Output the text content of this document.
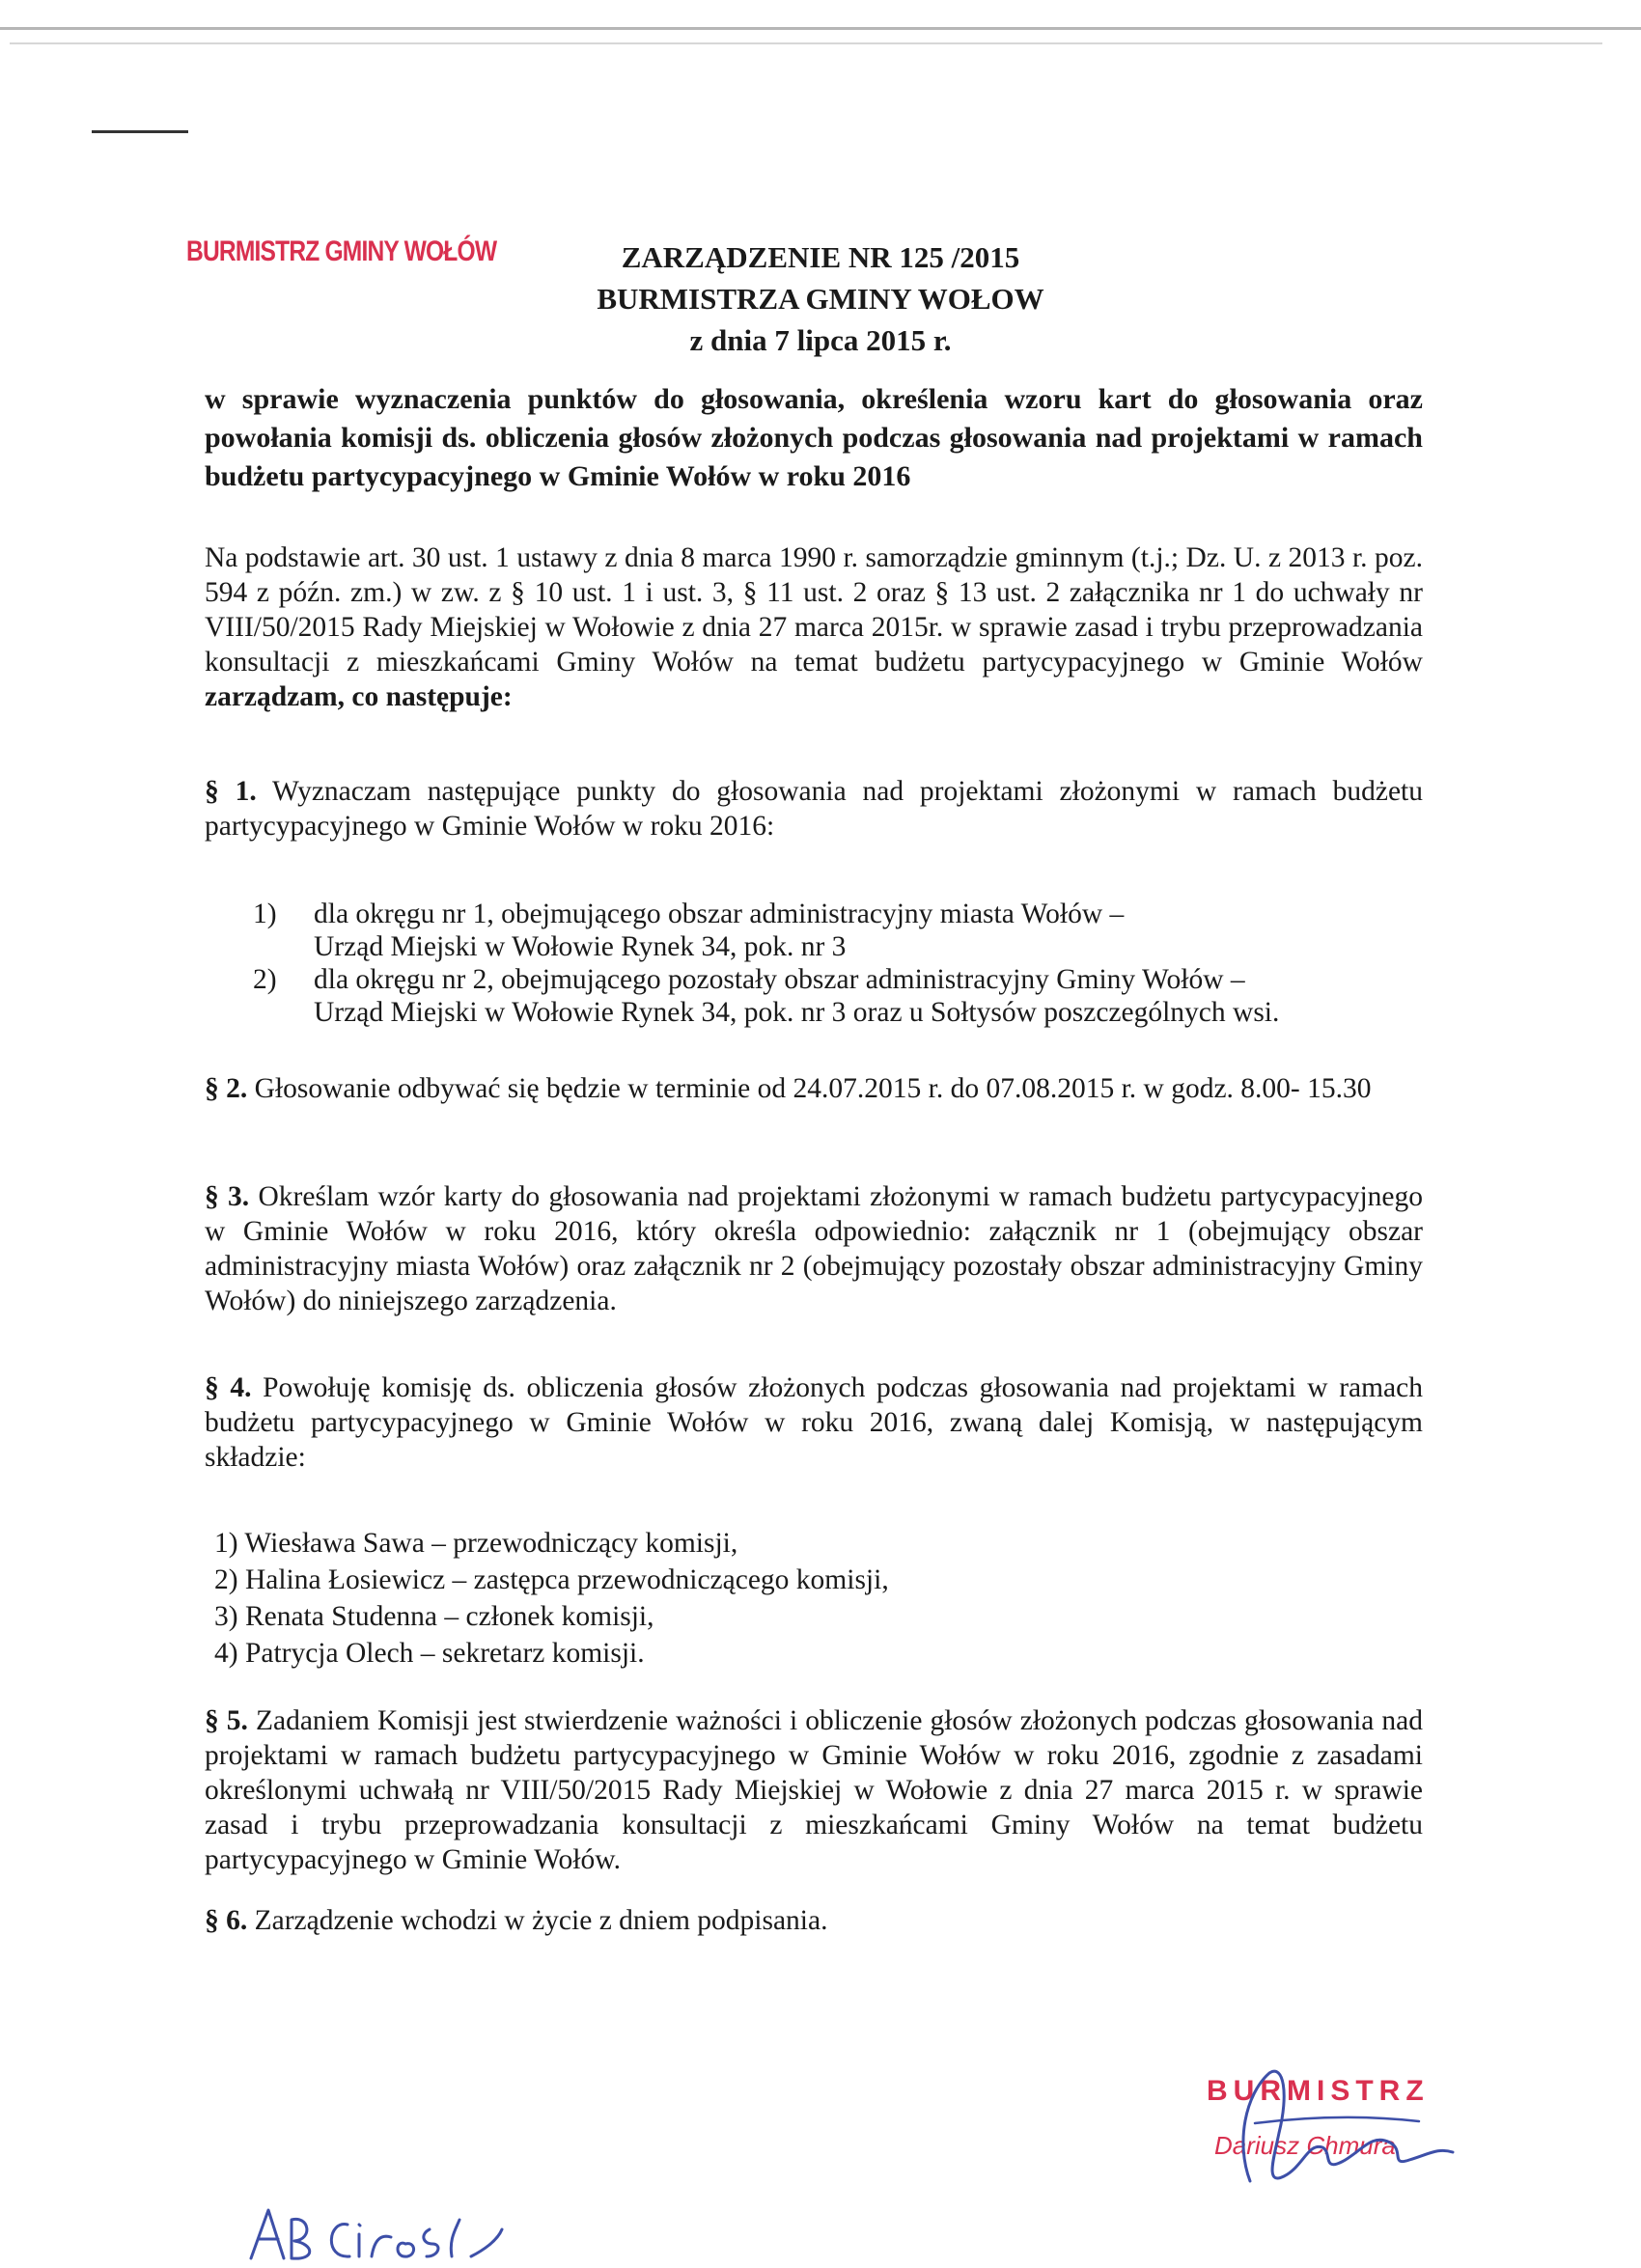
BURMISTRZ GMINY WOŁÓW	ZARZĄDZENIE NR 125 /2015
BURMISTRZA GMINY WOŁOW
z dnia 7 lipca 2015 r.
w sprawie wyznaczenia punktów do głosowania, określenia wzoru kart do głosowania oraz powołania komisji ds. obliczenia głosów złożonych podczas głosowania nad projektami w ramach budżetu partycypacyjnego w Gminie Wołów w roku 2016
Na podstawie art. 30 ust. 1 ustawy z dnia 8 marca 1990 r. samorządzie gminnym (t.j.; Dz. U. z 2013 r. poz. 594 z późn. zm.) w zw. z § 10 ust. 1 i ust. 3, § 11 ust. 2 oraz § 13 ust. 2 załącznika nr 1 do uchwały nr VIII/50/2015 Rady Miejskiej w Wołowie z dnia 27 marca 2015r. w sprawie zasad i trybu przeprowadzania konsultacji z mieszkańcami Gminy Wołów na temat budżetu partycypacyjnego w Gminie Wołów zarządzam, co następuje:
§ 1. Wyznaczam następujące punkty do głosowania nad projektami złożonymi w ramach budżetu partycypacyjnego w Gminie Wołów w roku 2016:
1)	dla okręgu nr 1, obejmującego obszar administracyjny miasta Wołów –
Urząd Miejski w Wołowie Rynek 34, pok. nr 3
2)	dla okręgu nr 2, obejmującego pozostały obszar administracyjny Gminy Wołów –
Urząd Miejski w Wołowie Rynek 34, pok. nr 3 oraz u Sołtysów poszczególnych wsi.
§ 2. Głosowanie odbywać się będzie w terminie od 24.07.2015 r. do 07.08.2015 r. w godz. 8.00- 15.30
§ 3. Określam wzór karty do głosowania nad projektami złożonymi w ramach budżetu partycypacyjnego w Gminie Wołów w roku 2016, który określa odpowiednio: załącznik nr 1 (obejmujący obszar administracyjny miasta Wołów) oraz załącznik nr 2 (obejmujący pozostały obszar administracyjny Gminy Wołów) do niniejszego zarządzenia.
§ 4. Powołuję komisję ds. obliczenia głosów złożonych podczas głosowania nad projektami w ramach budżetu partycypacyjnego w Gminie Wołów w roku 2016, zwaną dalej Komisją, w następującym składzie:
1) Wiesława Sawa – przewodniczący komisji,
2) Halina Łosiewicz – zastępca przewodniczącego komisji,
3) Renata Studenna – członek komisji,
4) Patrycja Olech – sekretarz komisji.
§ 5. Zadaniem Komisji jest stwierdzenie ważności i obliczenie głosów złożonych podczas głosowania nad projektami w ramach budżetu partycypacyjnego w Gminie Wołów w roku 2016, zgodnie z zasadami określonymi uchwałą nr VIII/50/2015 Rady Miejskiej w Wołowie z dnia 27 marca 2015 r. w sprawie zasad i trybu przeprowadzania konsultacji z mieszkańcami Gminy Wołów na temat budżetu partycypacyjnego w Gminie Wołów.
§ 6. Zarządzenie wchodzi w życie z dniem podpisania.
BURMISTRZ
Dariusz Chmura
